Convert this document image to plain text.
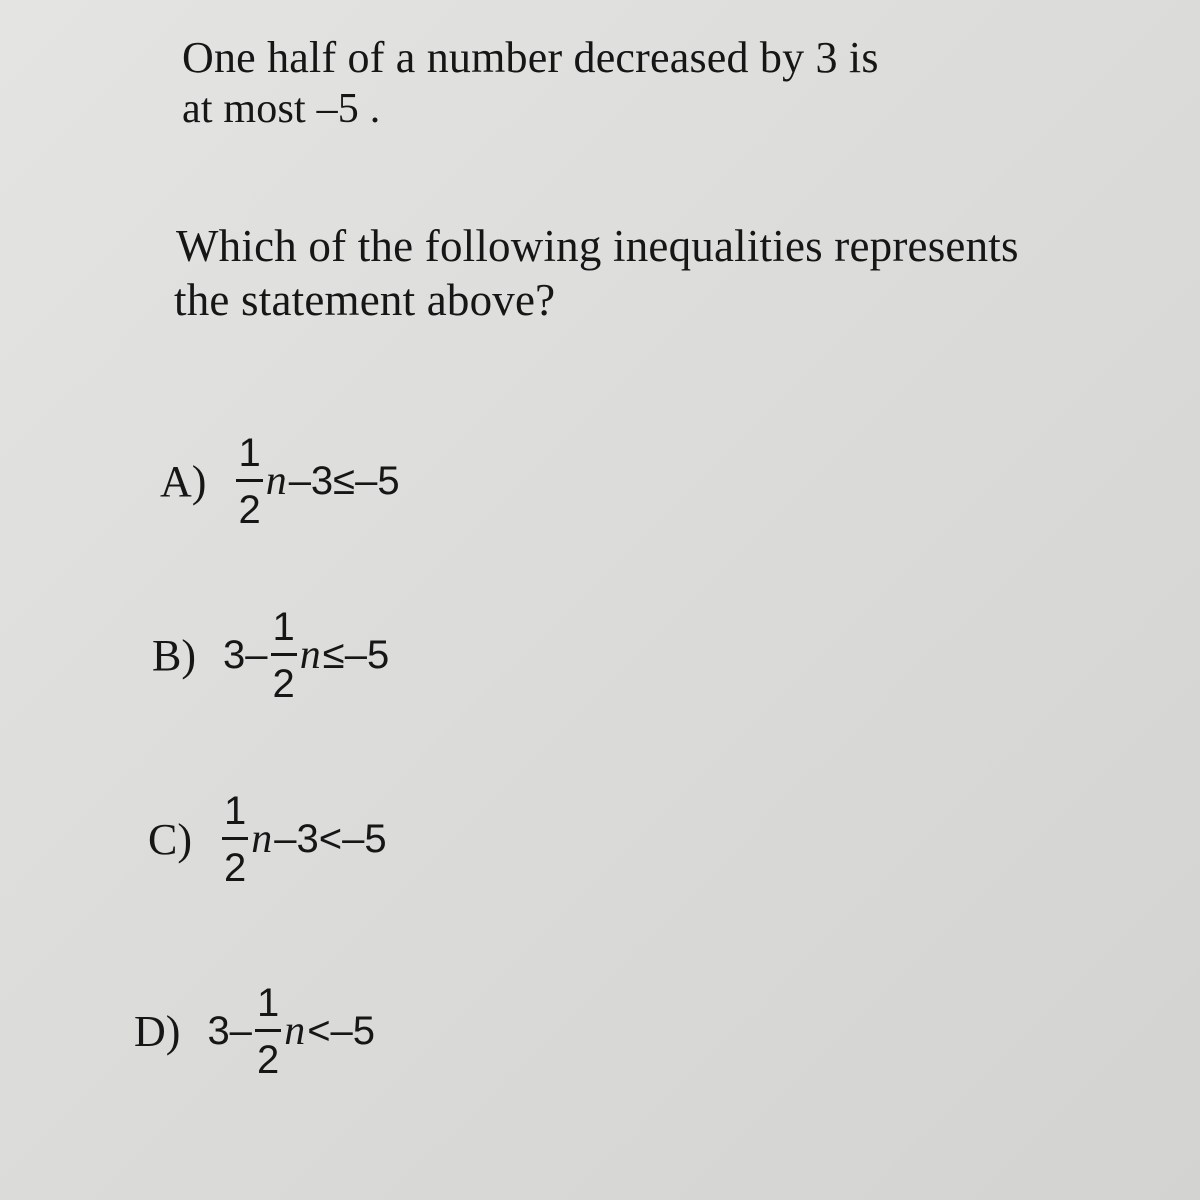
One half of a number decreased by 3 is
at most –5 .
Which of the following inequalities represents
the statement above?
$A) \frac{1}{2}$ n –3≤–5
B) $3- \frac{1}{2}$ n ≤–5
$C) \frac{1}{2}$ n –3<–5
D) $3- \frac{1}{2}$ n <–5
